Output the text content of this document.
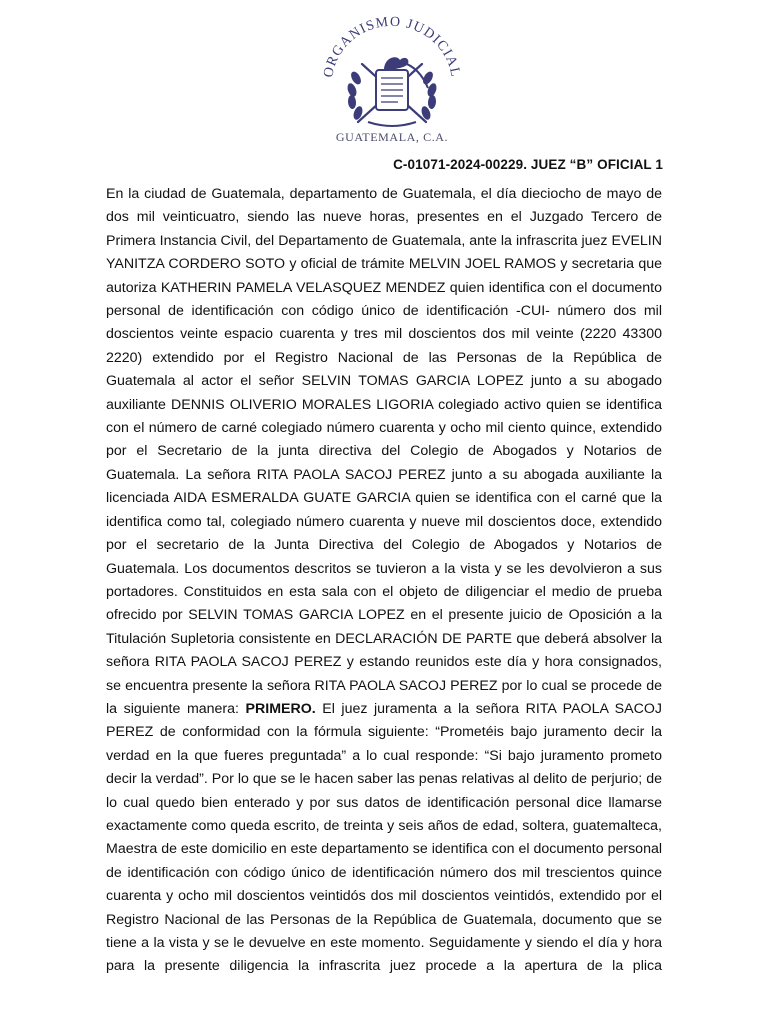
ORGANISMO JUDICIAL
GUATEMALA, C.A.
C-01071-2024-00229. JUEZ “B” OFICIAL 1

En la ciudad de Guatemala, departamento de Guatemala, el día dieciocho de mayo de dos mil veinticuatro, siendo las nueve horas, presentes en el Juzgado Tercero de Primera Instancia Civil, del Departamento de Guatemala, ante la infrascrita juez EVELIN YANITZA CORDERO SOTO y oficial de trámite MELVIN JOEL RAMOS y secretaria que autoriza KATHERIN PAMELA VELASQUEZ MENDEZ quien identifica con el documento personal de identificación con código único de identificación -CUI- número dos mil doscientos veinte espacio cuarenta y tres mil doscientos dos mil veinte (2220 43300 2220) extendido por el Registro Nacional de las Personas de la República de Guatemala al actor el señor SELVIN TOMAS GARCIA LOPEZ junto a su abogado auxiliante DENNIS OLIVERIO MORALES LIGORIA colegiado activo quien se identifica con el número de carné colegiado número cuarenta y ocho mil ciento quince, extendido por el Secretario de la junta directiva del Colegio de Abogados y Notarios de Guatemala. La señora RITA PAOLA SACOJ PEREZ junto a su abogada auxiliante la licenciada AIDA ESMERALDA GUATE GARCIA quien se identifica con el carné que la identifica como tal, colegiado número cuarenta y nueve mil doscientos doce, extendido por el secretario de la Junta Directiva del Colegio de Abogados y Notarios de Guatemala. Los documentos descritos se tuvieron a la vista y se les devolvieron a sus portadores. Constituidos en esta sala con el objeto de diligenciar el medio de prueba ofrecido por SELVIN TOMAS GARCIA LOPEZ en el presente juicio de Oposición a la Titulación Supletoria consistente en DECLARACIÓN DE PARTE que deberá absolver la señora RITA PAOLA SACOJ PEREZ y estando reunidos este día y hora consignados, se encuentra presente la señora RITA PAOLA SACOJ PEREZ por lo cual se procede de la siguiente manera: PRIMERO. El juez juramenta a la señora RITA PAOLA SACOJ PEREZ de conformidad con la fórmula siguiente: “Prometéis bajo juramento decir la verdad en la que fueres preguntada” a lo cual responde: “Si bajo juramento prometo decir la verdad”. Por lo que se le hacen saber las penas relativas al delito de perjurio; de lo cual quedo bien enterado y por sus datos de identificación personal dice llamarse exactamente como queda escrito, de treinta y seis años de edad, soltera, guatemalteca, Maestra de este domicilio en este departamento se identifica con el documento personal de identificación con código único de identificación número dos mil trescientos quince cuarenta y ocho mil doscientos veintidós dos mil doscientos veintidós, extendido por el Registro Nacional de las Personas de la República de Guatemala, documento que se tiene a la vista y se le devuelve en este momento. Seguidamente y siendo el día y hora para la presente diligencia la infrascrita juez procede a la apertura de la plica
